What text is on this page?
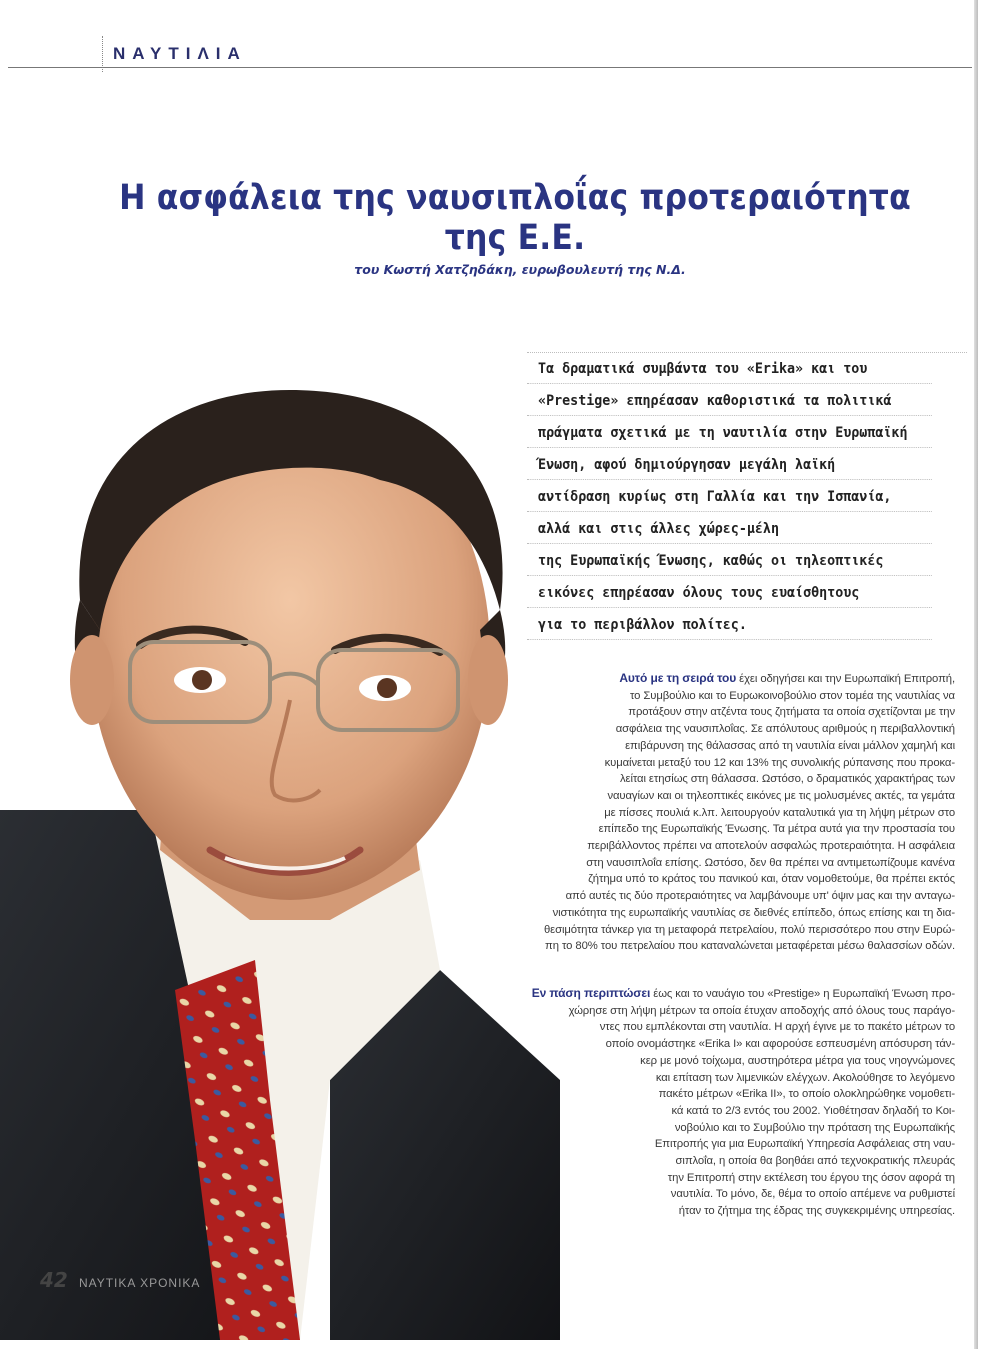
ΝΑΥΤΙΛΙΑ
Η ασφάλεια της ναυσιπλοΐας προτεραιότητα της Ε.Ε.
του Κωστή Χατζηδάκη, ευρωβουλευτή της Ν.Δ.
Τα δραματικά συμβάντα του «Erika» και του
«Prestige» επηρέασαν καθοριστικά τα πολιτικά
πράγματα σχετικά με τη ναυτιλία στην Ευρωπαϊκή
Ένωση, αφού δημιούργησαν μεγάλη λαϊκή
αντίδραση κυρίως στη Γαλλία και την Ισπανία,
αλλά και στις άλλες χώρες-μέλη
της Ευρωπαϊκής Ένωσης, καθώς οι τηλεοπτικές
εικόνες επηρέασαν όλους τους ευαίσθητους
για το περιβάλλον πολίτες.
Αυτό με τη σειρά του έχει οδηγήσει και την Ευρωπαϊκή Επιτροπή,
το Συμβούλιο και το Ευρωκοινοβούλιο στον τομέα της ναυτιλίας να
προτάξουν στην ατζέντα τους ζητήματα τα οποία σχετίζονται με την
ασφάλεια της ναυσιπλοΐας. Σε απόλυτους αριθμούς η περιβαλλοντική
επιβάρυνση της θάλασσας από τη ναυτιλία είναι μάλλον χαμηλή και
κυμαίνεται μεταξύ του 12 και 13% της συνολικής ρύπανσης που προκα-
λείται ετησίως στη θάλασσα. Ωστόσο, ο δραματικός χαρακτήρας των
ναυαγίων και οι τηλεοπτικές εικόνες με τις μολυσμένες ακτές, τα γεμάτα
με πίσσες πουλιά κ.λπ. λειτουργούν καταλυτικά για τη λήψη μέτρων στο
επίπεδο της Ευρωπαϊκής Ένωσης. Τα μέτρα αυτά για την προστασία του
περιβάλλοντος πρέπει να αποτελούν ασφαλώς προτεραιότητα. Η ασφάλεια
στη ναυσιπλοΐα επίσης. Ωστόσο, δεν θα πρέπει να αντιμετωπίζουμε κανένα
ζήτημα υπό το κράτος του πανικού και, όταν νομοθετούμε, θα πρέπει εκτός
από αυτές τις δύο προτεραιότητες να λαμβάνουμε υπ' όψιν μας και την ανταγω-
νιστικότητα της ευρωπαϊκής ναυτιλίας σε διεθνές επίπεδο, όπως επίσης και τη δια-
θεσιμότητα τάνκερ για τη μεταφορά πετρελαίου, πολύ περισσότερο που στην Ευρώ-
πη το 80% του πετρελαίου που καταναλώνεται μεταφέρεται μέσω θαλασσίων οδών.
Εν πάση περιπτώσει έως και το ναυάγιο του «Prestige» η Ευρωπαϊκή Ένωση προ-
χώρησε στη λήψη μέτρων τα οποία έτυχαν αποδοχής από όλους τους παράγο-
ντες που εμπλέκονται στη ναυτιλία. Η αρχή έγινε με το πακέτο μέτρων το
οποίο ονομάστηκε «Erika I» και αφορούσε εσπευσμένη απόσυρση τάν-
κερ με μονό τοίχωμα, αυστηρότερα μέτρα για τους νηογνώμονες
και επίταση των λιμενικών ελέγχων. Ακολούθησε το λεγόμενο
πακέτο μέτρων «Erika II», το οποίο ολοκληρώθηκε νομοθετι-
κά κατά το 2/3 εντός του 2002. Υιοθέτησαν δηλαδή το Κοι-
νοβούλιο και το Συμβούλιο την πρόταση της Ευρωπαϊκής
Επιτροπής για μια Ευρωπαϊκή Υπηρεσία Ασφάλειας στη ναυ-
σιπλοΐα, η οποία θα βοηθάει από τεχνοκρατικής πλευράς
την Επιτροπή στην εκτέλεση του έργου της όσον αφορά τη
ναυτιλία. Το μόνο, δε, θέμα το οποίο απέμενε να ρυθμιστεί
ήταν το ζήτημα της έδρας της συγκεκριμένης υπηρεσίας.
42 ΝΑΥΤΙΚΑ ΧΡΟΝΙΚΑ
